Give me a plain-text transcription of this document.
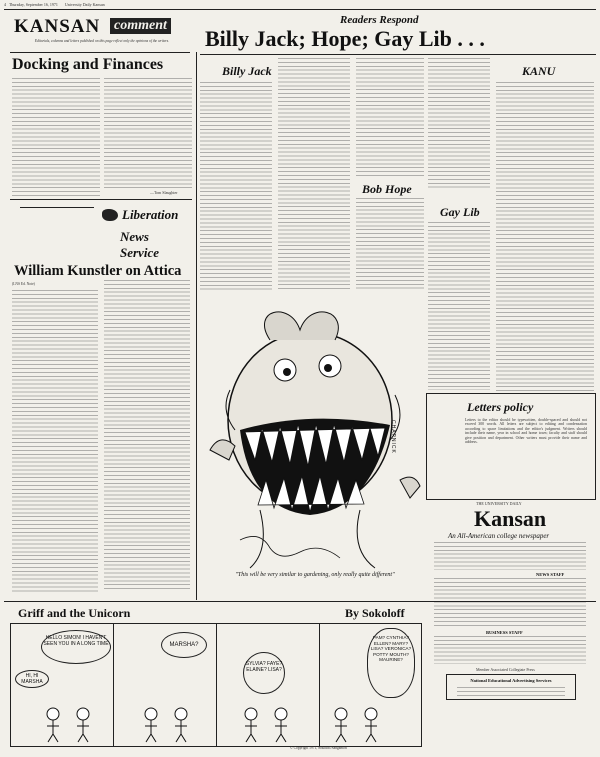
4 Thursday, September 16, 1971 University Daily Kansan
KANSAN comment
Editorials, columns and letters published on this page reflect only the opinions of the writers.
Docking and Finances
—Tom Slaughter
Liberation
News Service
William Kunstler on Attica
(LNS Ed. Note)
Readers Respond
Billy Jack; Hope; Gay Lib . . .
Billy Jack
Bob Hope
Gay Lib
KANU
Letters policy
Letters to the editor should be typewritten, double-spaced and should not exceed 300 words. All letters are subject to editing and condensation according to space limitations and the editor's judgment. Writers should include their name, year in school and home town; faculty and staff should give position and department. Other writers must provide their name and address.
THE UNIVERSITY DAILY
Kansan
An All-American college newspaper
NEWS STAFF
BUSINESS STAFF
Member Associated Collegiate Press
National Educational Advertising Services
CHAPNICK
"This will be very similar to gardening, only really quite different"
Griff and the Unicorn	By Sokoloff
HELLO SIMON! I HAVEN'T SEEN YOU IN A LONG TIME
HI, HI MARSHA
MARSHA?
SYLVIA? FAYE? ELAINE? LISA?
PAM? CYNTHIA? ELLEN? MARY? LISA? VERONICA? POTTY MOUTH? MAURINE?
© Copyright 1971, Sokoloff/Sangamon
